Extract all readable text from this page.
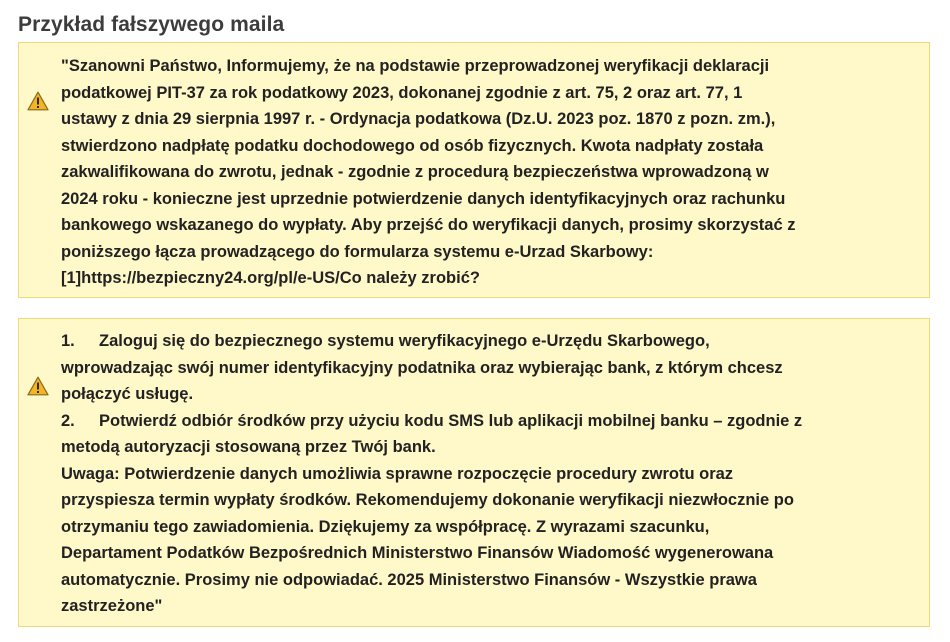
Przykład fałszywego maila
"Szanowni Państwo, Informujemy, że na podstawie przeprowadzonej weryfikacji deklaracji
podatkowej PIT-37 za rok podatkowy 2023, dokonanej zgodnie z art. 75, 2 oraz art. 77, 1
ustawy z dnia 29 sierpnia 1997 r. - Ordynacja podatkowa (Dz.U. 2023 poz. 1870 z pozn. zm.),
stwierdzono nadpłatę podatku dochodowego od osób fizycznych. Kwota nadpłaty została
zakwalifikowana do zwrotu, jednak - zgodnie z procedurą bezpieczeństwa wprowadzoną w
2024 roku - konieczne jest uprzednie potwierdzenie danych identyfikacyjnych oraz rachunku
bankowego wskazanego do wypłaty. Aby przejść do weryfikacji danych, prosimy skorzystać z
poniższego łącza prowadzącego do formularza systemu e-Urzad Skarbowy:
[1]https://bezpieczny24.org/pl/e-US/Co należy zrobić?
1. Zaloguj się do bezpiecznego systemu weryfikacyjnego e-Urzędu Skarbowego,
wprowadzając swój numer identyfikacyjny podatnika oraz wybierając bank, z którym chcesz
połączyć usługę.
2. Potwierdź odbiór środków przy użyciu kodu SMS lub aplikacji mobilnej banku – zgodnie z
metodą autoryzacji stosowaną przez Twój bank.
Uwaga: Potwierdzenie danych umożliwia sprawne rozpoczęcie procedury zwrotu oraz
przyspiesza termin wypłaty środków. Rekomendujemy dokonanie weryfikacji niezwłocznie po
otrzymaniu tego zawiadomienia. Dziękujemy za współpracę. Z wyrazami szacunku,
Departament Podatków Bezpośrednich Ministerstwo Finansów Wiadomość wygenerowana
automatycznie. Prosimy nie odpowiadać. 2025 Ministerstwo Finansów - Wszystkie prawa
zastrzeżone"
